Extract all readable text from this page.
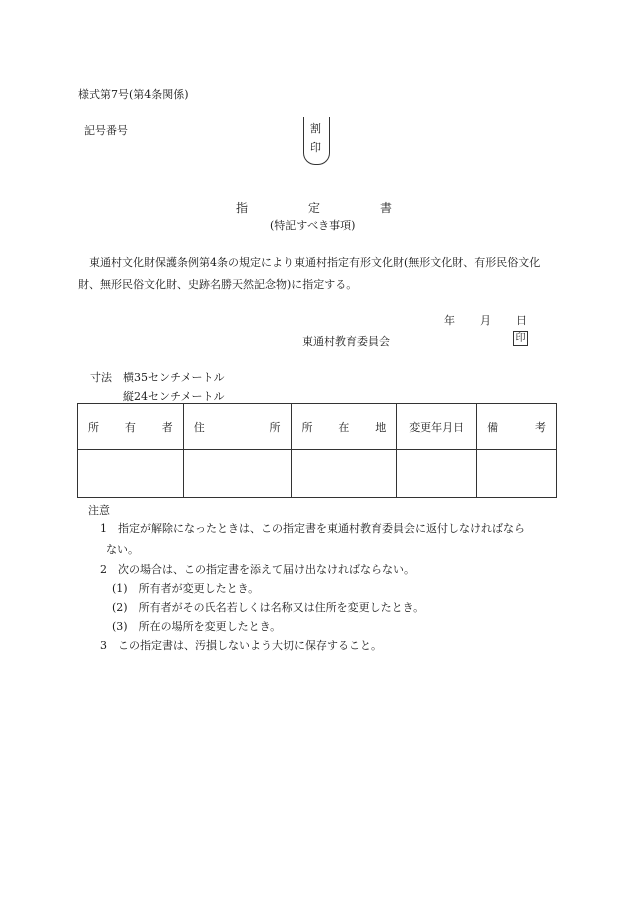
様式第7号(第4条関係)
記号番号	割
印
指	定	書
(特記すべき事項)

東通村文化財保護条例第4条の規定により東通村指定有形文化財(無形文化財、有形民俗文化財、無形民俗文化財、史跡名勝天然記念物)に指定する。

年 月 日
東通村教育委員会	印
寸法　 横35センチメートル
縦24センチメートル
所 有 者	住 所	所 在 地	変更年月日	備 考

注意
1　指定が解除になったときは、この指定書を東通村教育委員会に返付しなければなら
ない。
2　次の場合は、この指定書を添えて届け出なければならない。
(1)　所有者が変更したとき。
(2)　所有者がその氏名若しくは名称又は住所を変更したとき。
(3)　所在の場所を変更したとき。
3　この指定書は、汚損しないよう大切に保存すること。
